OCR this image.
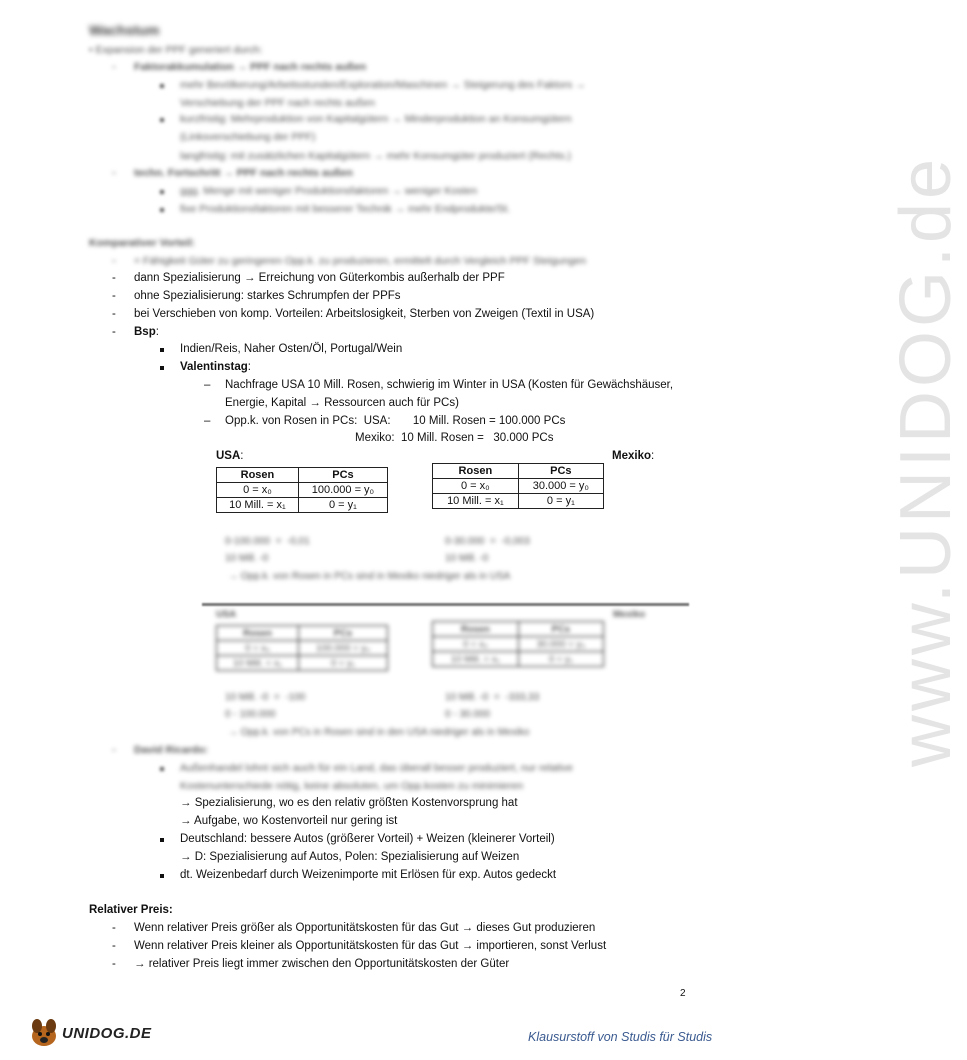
www.UNIDOG.de
Wachstum
• Expansion der PPF generiert durch:
- Faktorakkumulation → PPF nach rechts außen
mehr Bevölkerung/Arbeitsstunden/Exploration/Maschinen → Steigerung des Faktors →
Verschiebung der PPF nach rechts außen
kurzfristig: Mehrproduktion von Kapitalgütern → Minderproduktion an Konsumgütern
(Linksverschiebung der PPF)
langfristig: mit zusätzlichen Kapitalgütern → mehr Konsumgüter produziert (Rechts.)
- techn. Fortschritt → PPF nach rechts außen
ggg. Menge mit weniger Produktionsfaktoren → weniger Kosten
fixe Produktionsfaktoren mit besserer Technik → mehr Endprodukte/St.
Komparativer Vorteil:
- = Fähigkeit Güter zu geringeren Opp.k. zu produzieren, ermittelt durch Vergleich PPF Steigungen
- dann Spezialisierung → Erreichung von Güterkombis außerhalb der PPF
- ohne Spezialisierung: starkes Schrumpfen der PPFs
- bei Verschieben von komp. Vorteilen: Arbeitslosigkeit, Sterben von Zweigen (Textil in USA)
- Bsp:
Indien/Reis, Naher Osten/Öl, Portugal/Wein
Valentinstag:
– Nachfrage USA 10 Mill. Rosen, schwierig im Winter in USA (Kosten für Gewächshäuser,
Energie, Kapital → Ressourcen auch für PCs)
– Opp.k. von Rosen in PCs:  USA:       10 Mill. Rosen = 100.000 PCs
Mexiko:  10 Mill. Rosen =   30.000 PCs
USA:	Mexiko:
Rosen	PCs
0 = x₀	100.000 = y₀
10 Mill. = x₁	0 = y₁
Rosen	PCs
0 = x₀	30.000 = y₀
10 Mill. = x₁	0 = y₁
0-100.000  =  -0,01
10 Mill. -0
0-30.000  =  -0,003
10 Mill. -0
→ Opp.k. von Rosen in PCs sind in Mexiko niedriger als in USA
USA	Mexiko
Rosen	PCs
0 = x₀	100.000 = y₀
10 Mill. = x₁	0 = y₁
Rosen	PCs
0 = x₀	30.000 = y₀
10 Mill. = x₁	0 = y₁
10 Mill. -0  =  -100
0 - 100.000
10 Mill. -0  =  -333,33
0 - 30.000
→ Opp.k. von PCs in Rosen sind in den USA niedriger als in Mexiko
- David Ricardo:
Außenhandel lohnt sich auch für ein Land, das überall besser produziert, nur relative
Kostenunterschiede nötig, keine absoluten, um Opp.kosten zu minimieren
→ Spezialisierung, wo es den relativ größten Kostenvorsprung hat
→ Aufgabe, wo Kostenvorteil nur gering ist
Deutschland: bessere Autos (größerer Vorteil) + Weizen (kleinerer Vorteil)
→ D: Spezialisierung auf Autos, Polen: Spezialisierung auf Weizen
dt. Weizenbedarf durch Weizenimporte mit Erlösen für exp. Autos gedeckt
Relativer Preis:
- Wenn relativer Preis größer als Opportunitätskosten für das Gut → dieses Gut produzieren
- Wenn relativer Preis kleiner als Opportunitätskosten für das Gut → importieren, sonst Verlust
- → relativer Preis liegt immer zwischen den Opportunitätskosten der Güter
2
UNIDOG.DE	Klausurstoff von Studis für Studis
